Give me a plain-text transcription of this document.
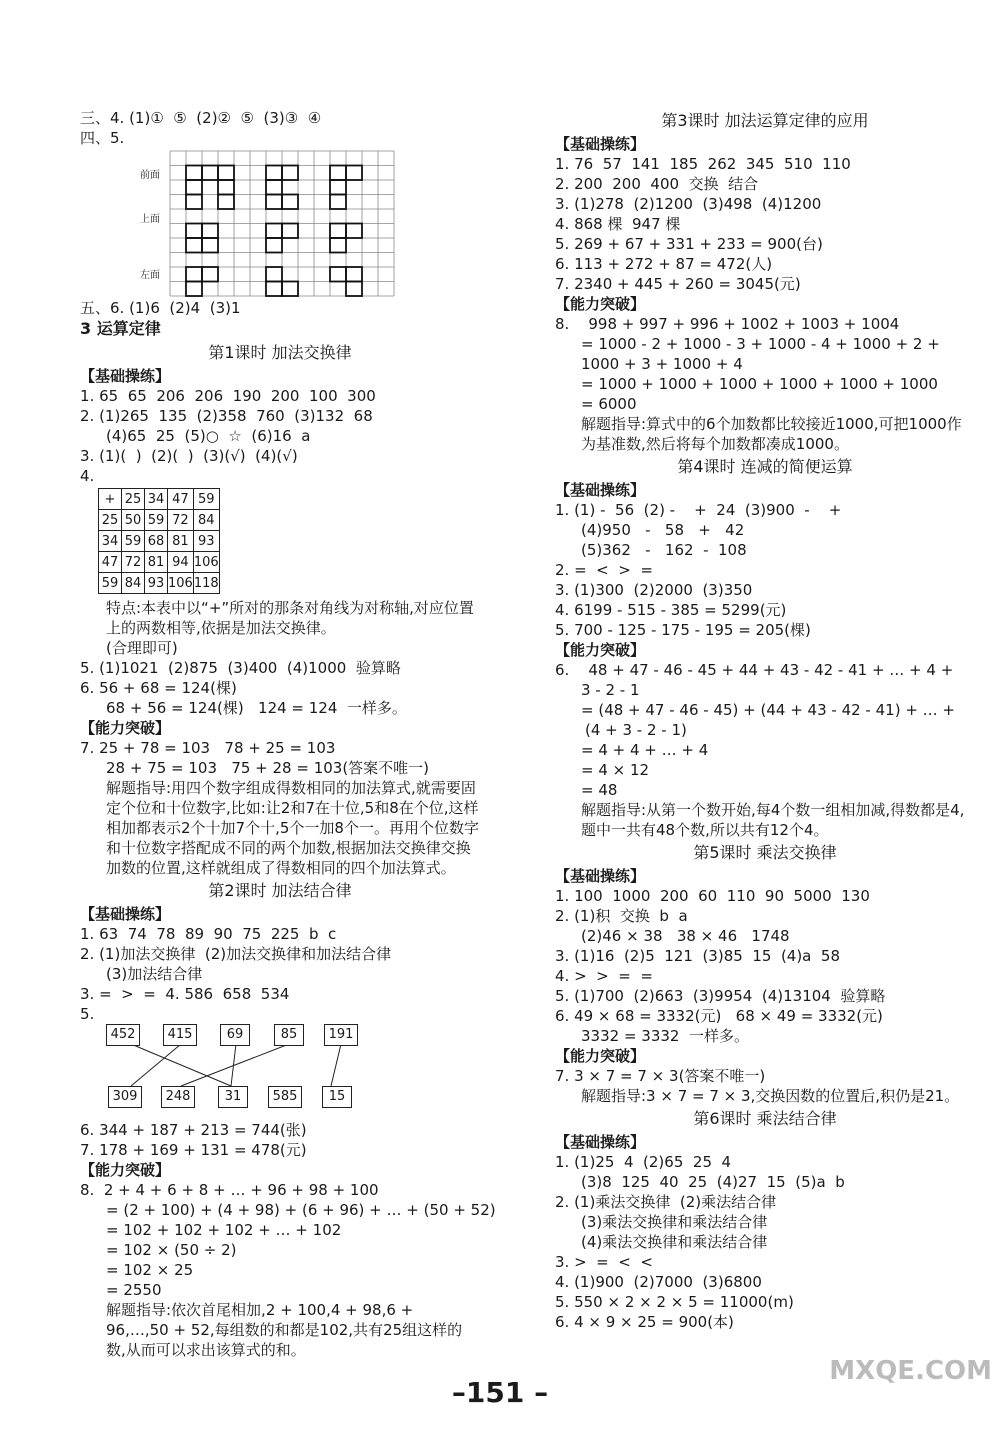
三、4. (1)①  ⑤  (2)②  ⑤  (3)③  ④
四、5.
前面
上面
左面
五、6. (1)6  (2)4  (3)1
3 运算定律
第1课时 加法交换律
【基础操练】
1. 65  65  206  206  190  200  100  300
2. (1)265  135  (2)358  760  (3)132  68
(4)65  25  (5)○  ☆  (6)16  a
3. (1)(  )  (2)(  )  (3)(√)  (4)(√)
4.
+	25	34	47	59
25	50	59	72	84
34	59	68	81	93
47	72	81	94	106
59	84	93	106	118
特点:本表中以“+”所对的那条对角线为对称轴,对应位置上的两数相等,依据是加法交换律。
(合理即可)
5. (1)1021  (2)875  (3)400  (4)1000  验算略
6. 56 + 68 = 124(棵)
68 + 56 = 124(棵)   124 = 124  一样多。
【能力突破】
7. 25 + 78 = 103   78 + 25 = 103
28 + 75 = 103   75 + 28 = 103(答案不唯一)
解题指导:用四个数字组成得数相同的加法算式,就需要固定个位和十位数字,比如:让2和7在十位,5和8在个位,这样相加都表示2个十加7个十,5个一加8个一。再用个位数字和十位数字搭配成不同的两个加数,根据加法交换律交换加数的位置,这样就组成了得数相同的四个加法算式。
第2课时 加法结合律
【基础操练】
1. 63  74  78  89  90  75  225  b  c
2. (1)加法交换律  (2)加法交换律和加法结合律
(3)加法结合律
3. =  >  =  4. 586  658  534
5.
452	415	69	85	191
309	248	31	585	15
6. 344 + 187 + 213 = 744(张)
7. 178 + 169 + 131 = 478(元)
【能力突破】
8.  2 + 4 + 6 + 8 + … + 96 + 98 + 100
= (2 + 100) + (4 + 98) + (6 + 96) + … + (50 + 52)
= 102 + 102 + 102 + … + 102
= 102 × (50 ÷ 2)
= 102 × 25
= 2550
解题指导:依次首尾相加,2 + 100,4 + 98,6 + 96,…,50 + 52,每组数的和都是102,共有25组这样的数,从而可以求出该算式的和。
第3课时 加法运算定律的应用
【基础操练】
1. 76  57  141  185  262  345  510  110
2. 200  200  400  交换  结合
3. (1)278  (2)1200  (3)498  (4)1200
4. 868 棵  947 棵
5. 269 + 67 + 331 + 233 = 900(台)
6. 113 + 272 + 87 = 472(人)
7. 2340 + 445 + 260 = 3045(元)
【能力突破】
8.    998 + 997 + 996 + 1002 + 1003 + 1004
= 1000 - 2 + 1000 - 3 + 1000 - 4 + 1000 + 2 +
1000 + 3 + 1000 + 4
= 1000 + 1000 + 1000 + 1000 + 1000 + 1000
= 6000
解题指导:算式中的6个加数都比较接近1000,可把1000作为基准数,然后将每个加数都凑成1000。
第4课时 连减的简便运算
【基础操练】
1. (1) -  56  (2) -    +  24  (3)900  -    +
(4)950   -   58   +   42
(5)362   -   162  -  108
2. =  <  >  =
3. (1)300  (2)2000  (3)350
4. 6199 - 515 - 385 = 5299(元)
5. 700 - 125 - 175 - 195 = 205(棵)
【能力突破】
6.    48 + 47 - 46 - 45 + 44 + 43 - 42 - 41 + … + 4 +
3 - 2 - 1
= (48 + 47 - 46 - 45) + (44 + 43 - 42 - 41) + … +
(4 + 3 - 2 - 1)
= 4 + 4 + … + 4
= 4 × 12
= 48
解题指导:从第一个数开始,每4个数一组相加减,得数都是4,题中一共有48个数,所以共有12个4。
第5课时 乘法交换律
【基础操练】
1. 100  1000  200  60  110  90  5000  130
2. (1)积  交换  b  a
(2)46 × 38   38 × 46   1748
3. (1)16  (2)5  121  (3)85  15  (4)a  58
4. >  >  =  =
5. (1)700  (2)663  (3)9954  (4)13104  验算略
6. 49 × 68 = 3332(元)   68 × 49 = 3332(元)
3332 = 3332  一样多。
【能力突破】
7. 3 × 7 = 7 × 3(答案不唯一)
解题指导:3 × 7 = 7 × 3,交换因数的位置后,积仍是21。
第6课时 乘法结合律
【基础操练】
1. (1)25  4  (2)65  25  4
(3)8  125  40  25  (4)27  15  (5)a  b
2. (1)乘法交换律  (2)乘法结合律
(3)乘法交换律和乘法结合律
(4)乘法交换律和乘法结合律
3. >  =  <  <
4. (1)900  (2)7000  (3)6800
5. 550 × 2 × 2 × 5 = 11000(m)
6. 4 × 9 × 25 = 900(本)
–151 –
MXQE.COM
